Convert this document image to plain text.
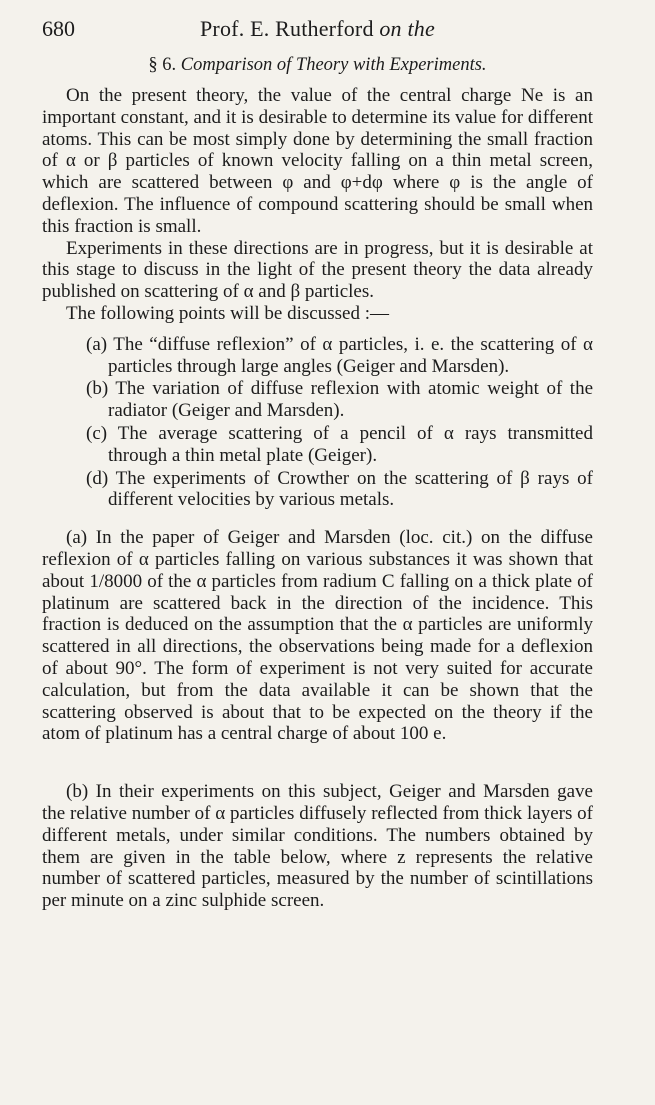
680	Prof. E. Rutherford on the
§ 6. Comparison of Theory with Experiments.

On the present theory, the value of the central charge Ne is an important constant, and it is desirable to determine its value for different atoms. This can be most simply done by determining the small fraction of α or β particles of known velocity falling on a thin metal screen, which are scattered between φ and φ+dφ where φ is the angle of deflexion. The influence of compound scattering should be small when this fraction is small.

Experiments in these directions are in progress, but it is desirable at this stage to discuss in the light of the present theory the data already published on scattering of α and β particles.

The following points will be discussed :—

(a) The “diffuse reflexion” of α particles, i. e. the scattering of α particles through large angles (Geiger and Marsden).

(b) The variation of diffuse reflexion with atomic weight of the radiator (Geiger and Marsden).

(c) The average scattering of a pencil of α rays transmitted through a thin metal plate (Geiger).

(d) The experiments of Crowther on the scattering of β rays of different velocities by various metals.

(a) In the paper of Geiger and Marsden (loc. cit.) on the diffuse reflexion of α particles falling on various substances it was shown that about 1/8000 of the α particles from radium C falling on a thick plate of platinum are scattered back in the direction of the incidence. This fraction is deduced on the assumption that the α particles are uniformly scattered in all directions, the observations being made for a deflexion of about 90°. The form of experiment is not very suited for accurate calculation, but from the data available it can be shown that the scattering observed is about that to be expected on the theory if the atom of platinum has a central charge of about 100 e.

(b) In their experiments on this subject, Geiger and Marsden gave the relative number of α particles diffusely reflected from thick layers of different metals, under similar conditions. The numbers obtained by them are given in the table below, where z represents the relative number of scattered particles, measured by the number of scintillations per minute on a zinc sulphide screen.
